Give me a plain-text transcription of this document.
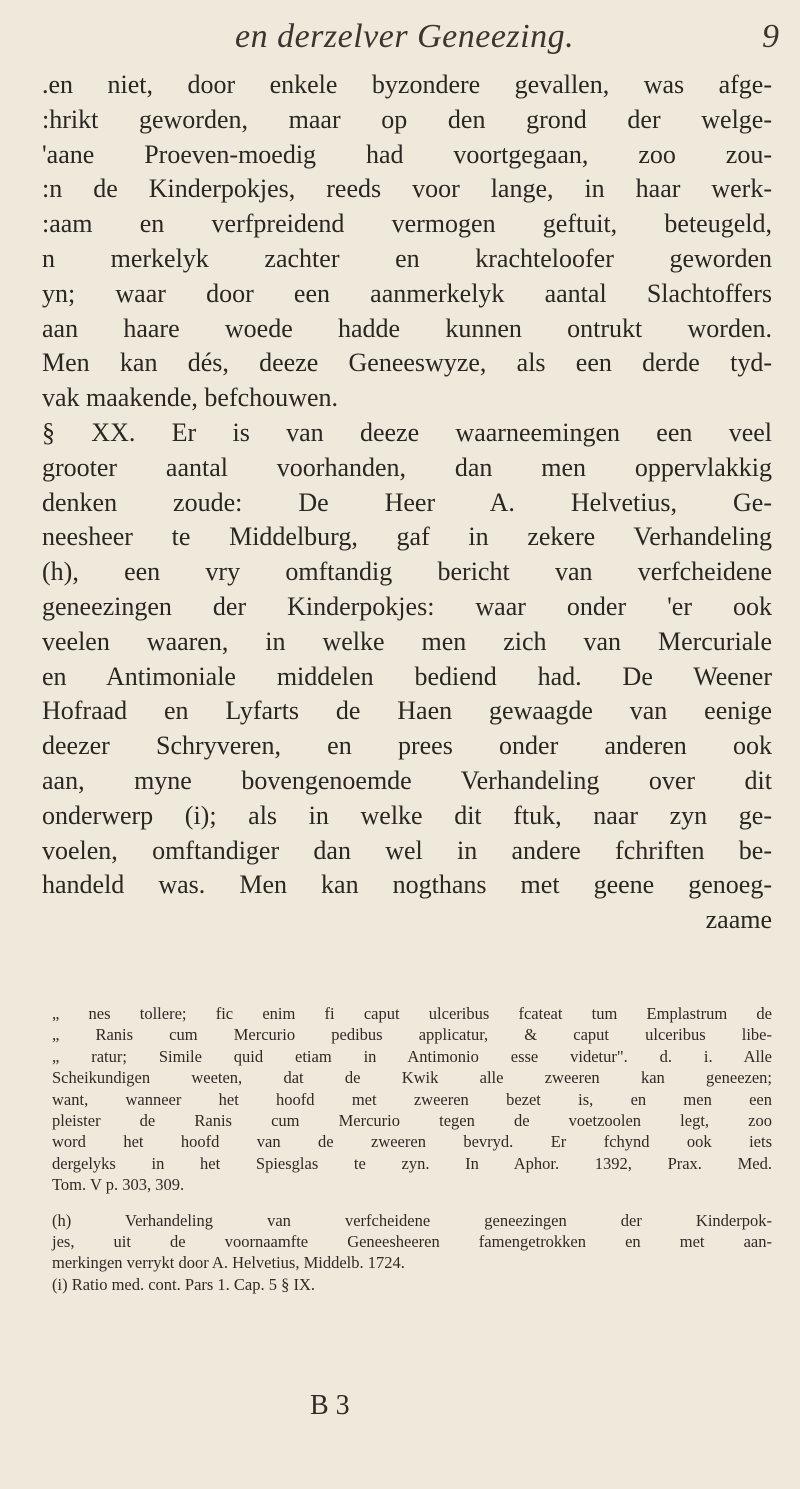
en derzelver Geneezing.	9
.en niet, door enkele byzondere gevallen, was afge-
:hrikt geworden, maar op den grond der welge-
'aane Proeven-moedig had voortgegaan, zoo zou-
:n de Kinderpokjes, reeds voor lange, in haar werk-
:aam en verfpreidend vermogen geftuit, beteugeld,
n merkelyk zachter en krachteloofer geworden
yn; waar door een aanmerkelyk aantal Slachtoffers
aan haare woede hadde kunnen ontrukt worden.
Men kan dés, deeze Geneeswyze, als een derde tyd-
vak maakende, befchouwen.
§ XX. Er is van deeze waarneemingen een veel
grooter aantal voorhanden, dan men oppervlakkig
denken zoude: De Heer A. Helvetius, Ge-
neesheer te Middelburg, gaf in zekere Verhandeling
(h), een vry omftandig bericht van verfcheidene
geneezingen der Kinderpokjes: waar onder 'er ook
veelen waaren, in welke men zich van Mercuriale
en Antimoniale middelen bediend had. De Weener
Hofraad en Lyfarts de Haen gewaagde van eenige
deezer Schryveren, en prees onder anderen ook
aan, myne bovengenoemde Verhandeling over dit
onderwerp (i); als in welke dit ftuk, naar zyn ge-
voelen, omftandiger dan wel in andere fchriften be-
handeld was. Men kan nogthans met geene genoeg-
zaame
„ nes tollere; fic enim fi caput ulceribus fcateat tum Emplastrum de
„ Ranis cum Mercurio pedibus applicatur, & caput ulceribus libe-
„ ratur; Simile quid etiam in Antimonio esse videtur". d. i. Alle
Scheikundigen weeten, dat de Kwik alle zweeren kan geneezen;
want, wanneer het hoofd met zweeren bezet is, en men een
pleister de Ranis cum Mercurio tegen de voetzoolen legt, zoo
word het hoofd van de zweeren bevryd. Er fchynd ook iets
dergelyks in het Spiesglas te zyn. In Aphor. 1392, Prax. Med.
Tom. V p. 303, 309.
(h) Verhandeling van verfcheidene geneezingen der Kinderpok-
jes, uit de voornaamfte Geneesheeren famengetrokken en met aan-
merkingen verrykt door A. Helvetius, Middelb. 1724.
(i) Ratio med. cont. Pars 1. Cap. 5 § IX.
B 3
